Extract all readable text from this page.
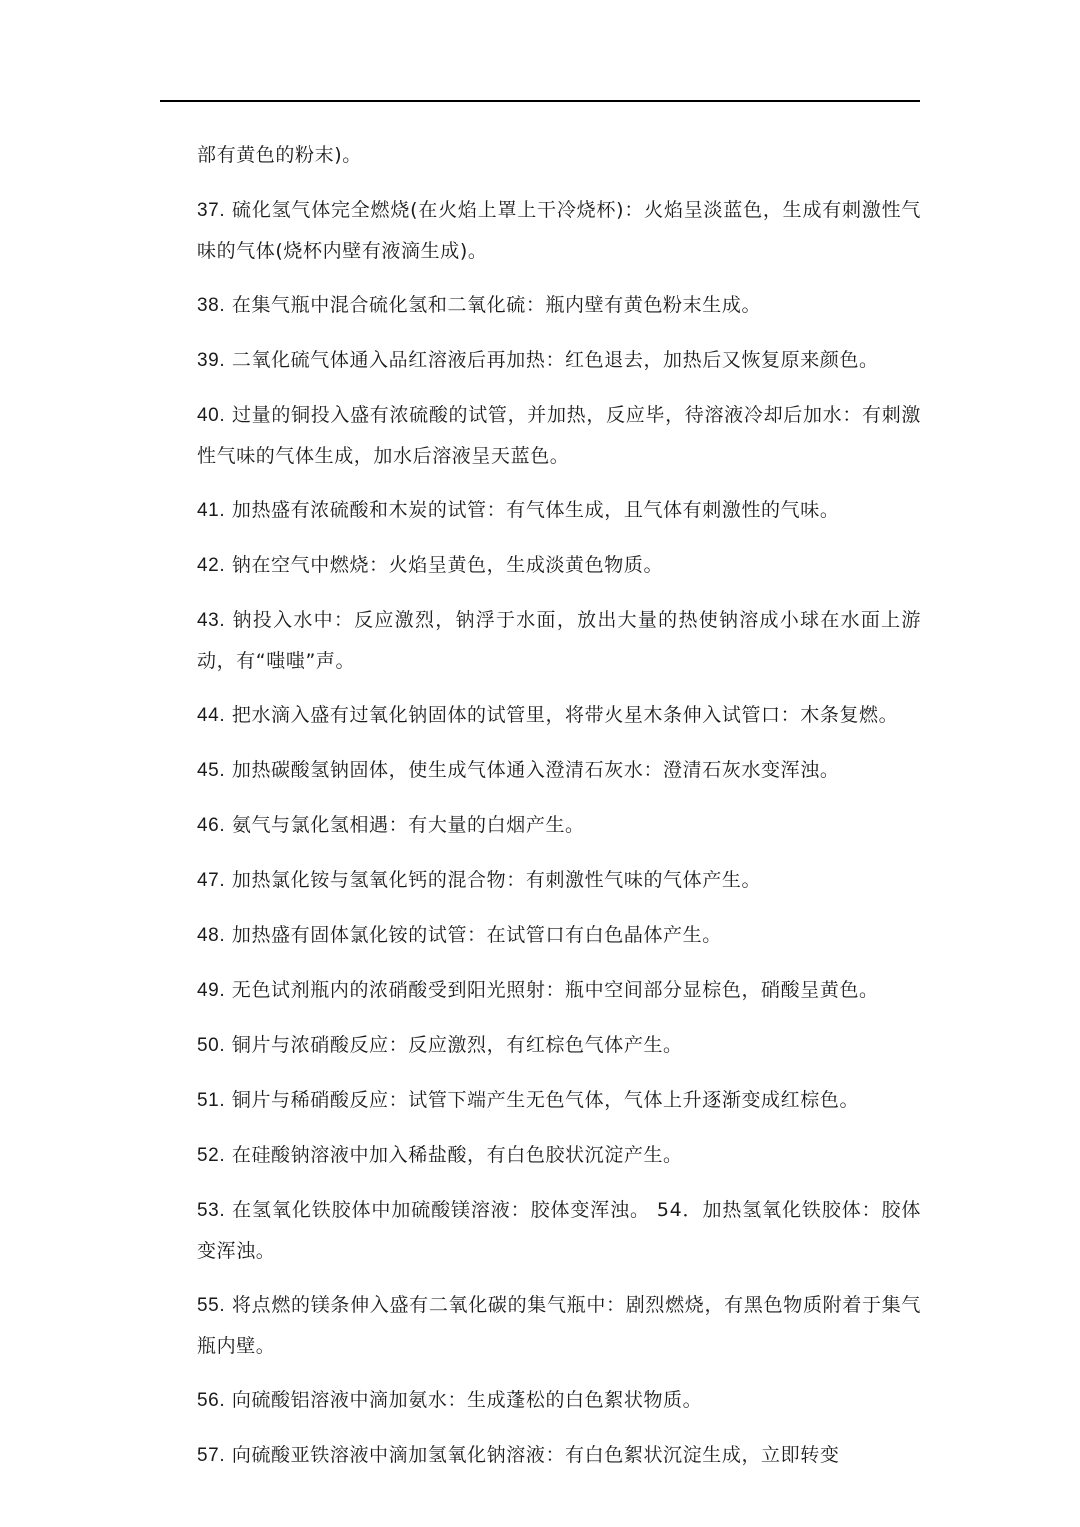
部有黄色的粉末)。

37. 硫化氢气体完全燃烧(在火焰上罩上干冷烧杯)：火焰呈淡蓝色，生成有刺激性气味的气体(烧杯内壁有液滴生成)。

38. 在集气瓶中混合硫化氢和二氧化硫：瓶内壁有黄色粉末生成。

39. 二氧化硫气体通入品红溶液后再加热：红色退去，加热后又恢复原来颜色。

40. 过量的铜投入盛有浓硫酸的试管，并加热，反应毕，待溶液冷却后加水：有刺激性气味的气体生成，加水后溶液呈天蓝色。

41. 加热盛有浓硫酸和木炭的试管：有气体生成，且气体有刺激性的气味。

42. 钠在空气中燃烧：火焰呈黄色，生成淡黄色物质。

43. 钠投入水中：反应激烈，钠浮于水面，放出大量的热使钠溶成小球在水面上游动，有“嗤嗤”声。

44. 把水滴入盛有过氧化钠固体的试管里，将带火星木条伸入试管口：木条复燃。

45. 加热碳酸氢钠固体，使生成气体通入澄清石灰水：澄清石灰水变浑浊。

46. 氨气与氯化氢相遇：有大量的白烟产生。

47. 加热氯化铵与氢氧化钙的混合物：有刺激性气味的气体产生。

48. 加热盛有固体氯化铵的试管：在试管口有白色晶体产生。

49. 无色试剂瓶内的浓硝酸受到阳光照射：瓶中空间部分显棕色，硝酸呈黄色。

50. 铜片与浓硝酸反应：反应激烈，有红棕色气体产生。

51. 铜片与稀硝酸反应：试管下端产生无色气体，气体上升逐渐变成红棕色。

52. 在硅酸钠溶液中加入稀盐酸，有白色胶状沉淀产生。

53. 在氢氧化铁胶体中加硫酸镁溶液：胶体变浑浊。 54．加热氢氧化铁胶体：胶体变浑浊。

55. 将点燃的镁条伸入盛有二氧化碳的集气瓶中：剧烈燃烧，有黑色物质附着于集气瓶内壁。

56. 向硫酸铝溶液中滴加氨水：生成蓬松的白色絮状物质。

57. 向硫酸亚铁溶液中滴加氢氧化钠溶液：有白色絮状沉淀生成，立即转变
